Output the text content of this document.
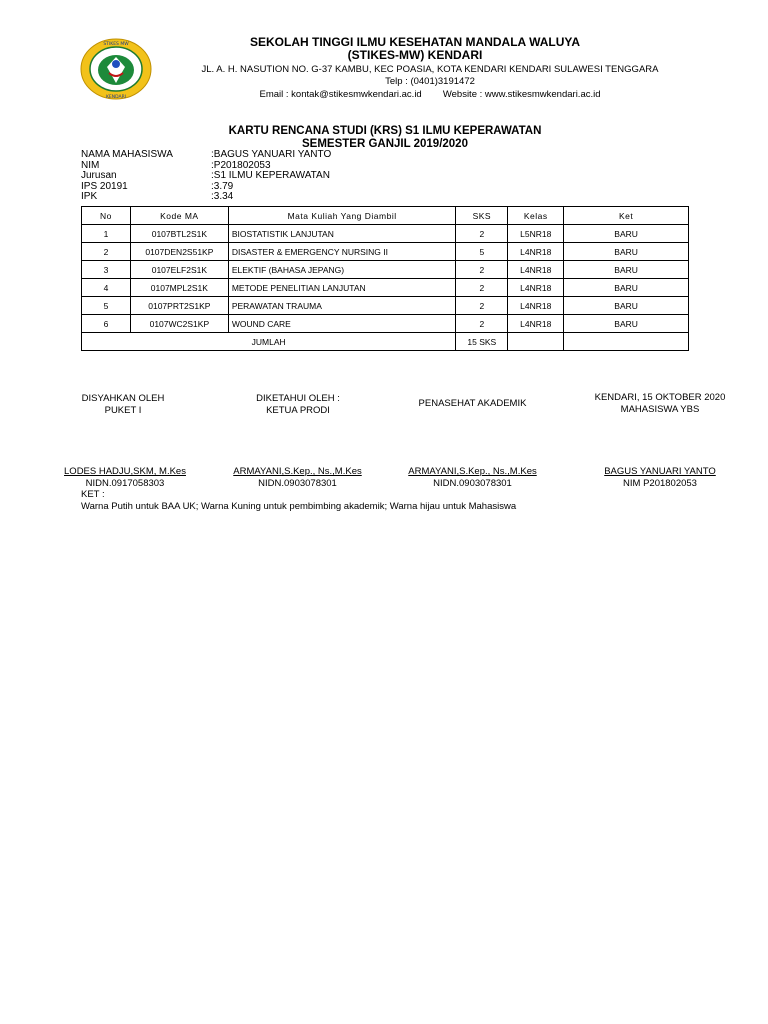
STIKES MW
KENDARI
SEKOLAH TINGGI ILMU KESEHATAN MANDALA WALUYA
(STIKES-MW) KENDARI
JL. A. H. NASUTION NO. G-37 KAMBU, KEC POASIA, KOTA KENDARI KENDARI SULAWESI TENGGARA
Telp : (0401)3191472
Email : kontak@stikesmwkendari.ac.id        Website : www.stikesmwkendari.ac.id
KARTU RENCANA STUDI (KRS) S1 ILMU KEPERAWATAN
SEMESTER GANJIL 2019/2020
NAMA MAHASISWA	:BAGUS YANUARI YANTO
NIM	:P201802053
Jurusan	:S1 ILMU KEPERAWATAN
IPS 20191	:3.79
IPK	:3.34
No	Kode MA	Mata Kuliah Yang Diambil	SKS	Kelas	Ket
1	0107BTL2S1K	BIOSTATISTIK LANJUTAN	2	L5NR18	BARU
2	0107DEN2S51KP	DISASTER & EMERGENCY NURSING II	5	L4NR18	BARU
3	0107ELF2S1K	ELEKTIF (BAHASA JEPANG)	2	L4NR18	BARU
4	0107MPL2S1K	METODE PENELITIAN LANJUTAN	2	L4NR18	BARU
5	0107PRT2S1KP	PERAWATAN TRAUMA	2	L4NR18	BARU
6	0107WC2S1KP	WOUND CARE	2	L4NR18	BARU
JUMLAH			15 SKS		
DISYAHKAN OLEH
PUKET I
DIKETAHUI OLEH :
KETUA PRODI
PENASEHAT AKADEMIK
KENDARI, 15 OKTOBER 2020
MAHASISWA YBS
LODES HADJU,SKM, M.Kes	ARMAYANI,S.Kep., Ns.,M.Kes	ARMAYANI,S.Kep., Ns.,M.Kes	BAGUS YANUARI YANTO
NIDN.0917058303	NIDN.0903078301	NIDN.0903078301	NIM P201802053
KET :
Warna Putih untuk BAA UK; Warna Kuning untuk pembimbing akademik; Warna hijau untuk Mahasiswa
